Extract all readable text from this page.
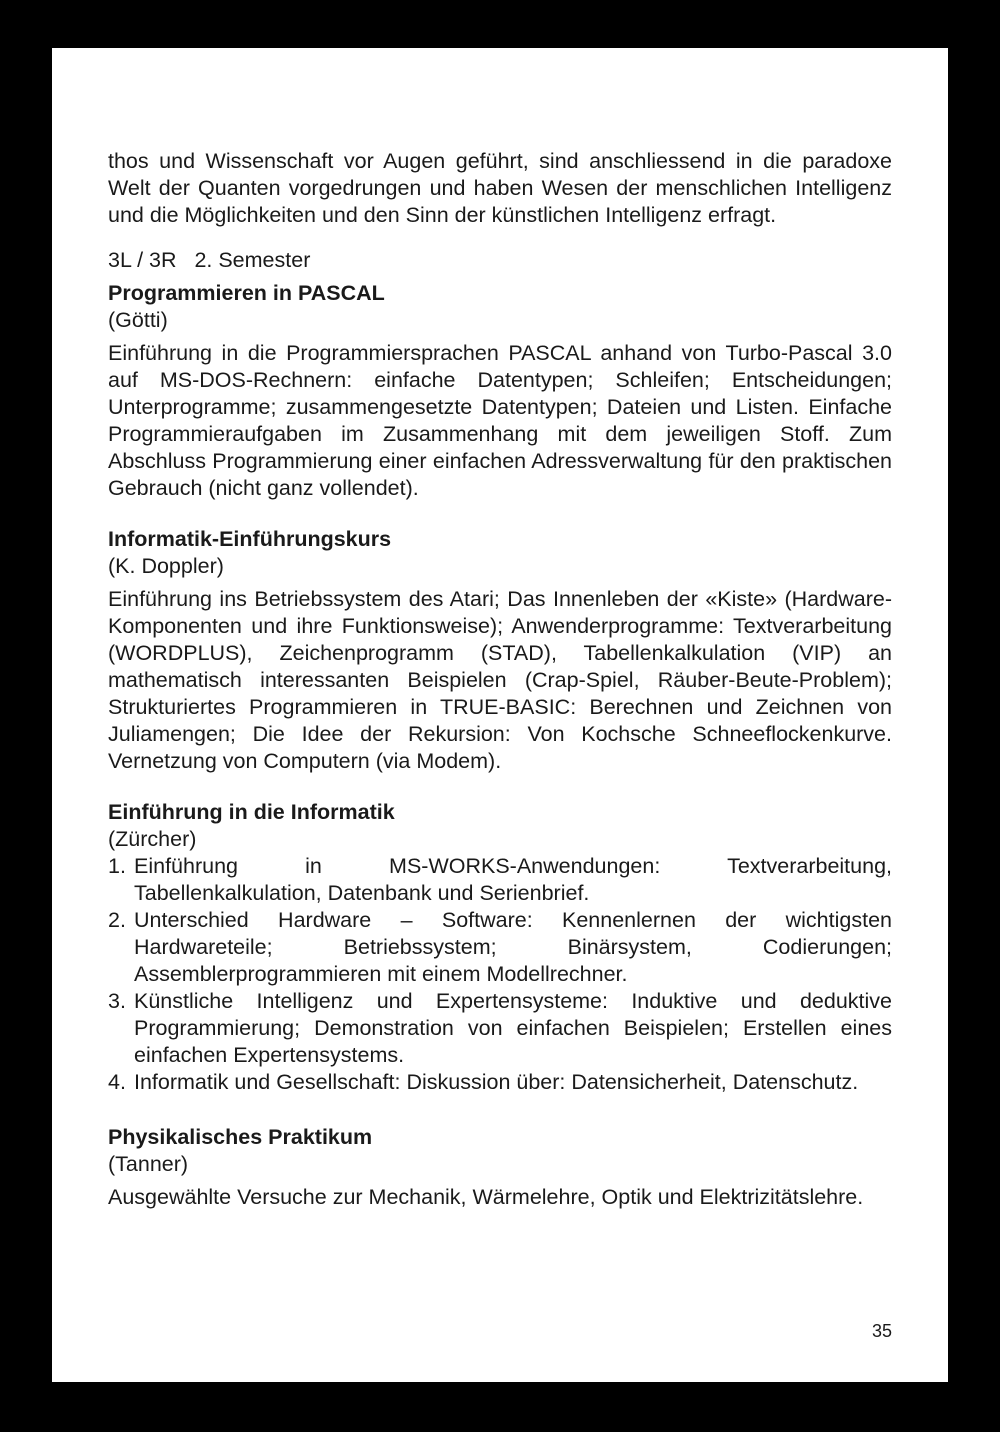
thos und Wissenschaft vor Augen geführt, sind anschliessend in die paradoxe Welt der Quanten vorgedrungen und haben Wesen der menschlichen Intelligenz und die Möglichkeiten und den Sinn der künstlichen Intelligenz erfragt.

3L / 3R   2. Semester

Programmieren in PASCAL

(Götti)

Einführung in die Programmiersprachen PASCAL anhand von Turbo-Pascal 3.0 auf MS-DOS-Rechnern: einfache Datentypen; Schleifen; Entscheidungen; Unterprogramme; zusammengesetzte Datentypen; Dateien und Listen. Einfache Programmieraufgaben im Zusammenhang mit dem jeweiligen Stoff. Zum Abschluss Programmierung einer einfachen Adressverwaltung für den praktischen Gebrauch (nicht ganz vollendet).

Informatik-Einführungskurs

(K. Doppler)

Einführung ins Betriebssystem des Atari; Das Innenleben der «Kiste» (Hardware-Komponenten und ihre Funktionsweise); Anwenderprogramme: Textverarbeitung (WORDPLUS), Zeichenprogramm (STAD), Tabellenkalkulation (VIP) an mathematisch interessanten Beispielen (Crap-Spiel, Räuber-Beute-Problem); Strukturiertes Programmieren in TRUE-BASIC: Berechnen und Zeichnen von Juliamengen; Die Idee der Rekursion: Von Kochsche Schneeflockenkurve. Vernetzung von Computern (via Modem).

Einführung in die Informatik

(Zürcher)

1. Einführung in MS-WORKS-Anwendungen: Textverarbeitung, Tabellenkalkulation, Datenbank und Serienbrief.
2. Unterschied Hardware – Software: Kennenlernen der wichtigsten Hardwareteile; Betriebssystem; Binärsystem, Codierungen; Assemblerprogrammieren mit einem Modellrechner.
3. Künstliche Intelligenz und Expertensysteme: Induktive und deduktive Programmierung; Demonstration von einfachen Beispielen; Erstellen eines einfachen Expertensystems.
4. Informatik und Gesellschaft: Diskussion über: Datensicherheit, Datenschutz.

Physikalisches Praktikum

(Tanner)

Ausgewählte Versuche zur Mechanik, Wärmelehre, Optik und Elektrizitätslehre.

35
